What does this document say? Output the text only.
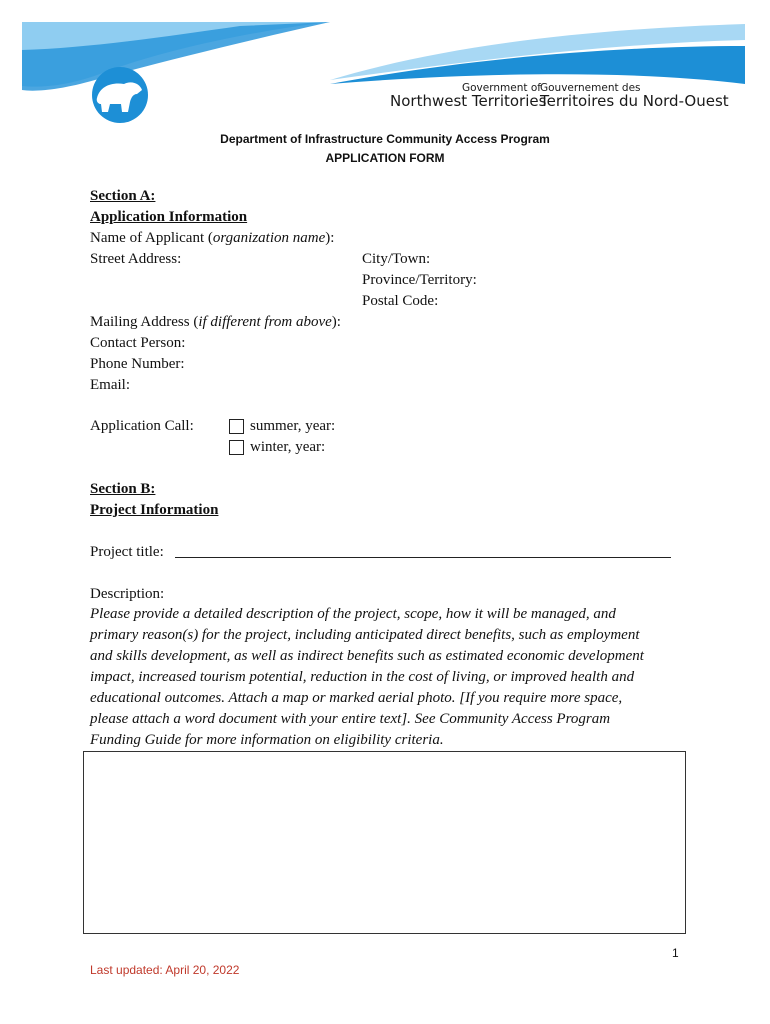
Government of Gouvernement des
Northwest Territories
Territoires du Nord-Ouest
Department of Infrastructure Community Access Program
APPLICATION FORM
Section A:
Application Information
Name of Applicant (organization name):
Street Address:	City/Town:
Province/Territory:
Postal Code:
Mailing Address (if different from above):
Contact Person:
Phone Number:
Email:
Application Call:	summer, year:
winter, year:
Section B:
Project Information
Project title:
Description:
Please provide a detailed description of the project, scope, how it will be managed, and
primary reason(s) for the project, including anticipated direct benefits, such as employment
and skills development, as well as indirect benefits such as estimated economic development
impact, increased tourism potential, reduction in the cost of living, or improved health and
educational outcomes. Attach a map or marked aerial photo. [If you require more space,
please attach a word document with your entire text]. See Community Access Program
Funding Guide for more information on eligibility criteria.
1
Last updated: April 20, 2022
